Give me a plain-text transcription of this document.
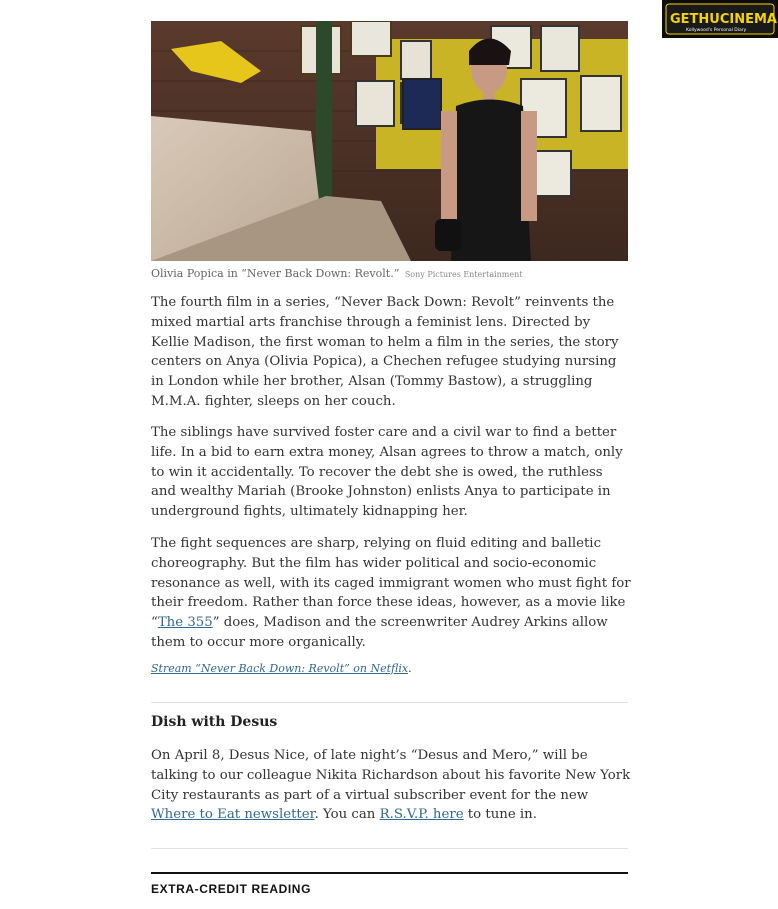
GETHUCINEMA
Kollywood's Personal Diary
Olivia Popica in “Never Back Down: Revolt.” Sony Pictures Entertainment

The fourth film in a series, “Never Back Down: Revolt” reinvents the mixed martial arts franchise through a feminist lens. Directed by Kellie Madison, the first woman to helm a film in the series, the story centers on Anya (Olivia Popica), a Chechen refugee studying nursing in London while her brother, Alsan (Tommy Bastow), a struggling M.M.A. fighter, sleeps on her couch.

The siblings have survived foster care and a civil war to find a better life. In a bid to earn extra money, Alsan agrees to throw a match, only to win it accidentally. To recover the debt she is owed, the ruthless and wealthy Mariah (Brooke Johnston) enlists Anya to participate in underground fights, ultimately kidnapping her.

The fight sequences are sharp, relying on fluid editing and balletic choreography. But the film has wider political and socio-economic resonance as well, with its caged immigrant women who must fight for their freedom. Rather than force these ideas, however, as a movie like “The 355” does, Madison and the screenwriter Audrey Arkins allow them to occur more organically.

Stream “Never Back Down: Revolt” on Netflix.
Dish with Desus

On April 8, Desus Nice, of late night’s “Desus and Mero,” will be talking to our colleague Nikita Richardson about his favorite New York City restaurants as part of a virtual subscriber event for the new Where to Eat newsletter. You can R.S.V.P. here to tune in.

EXTRA-CREDIT READING
